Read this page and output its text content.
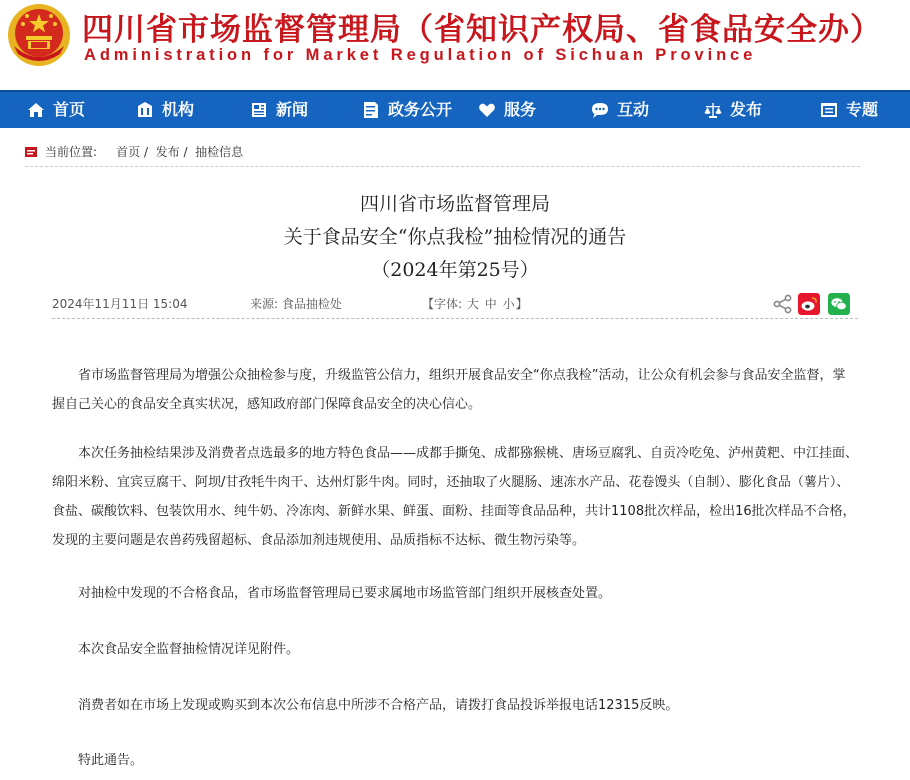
四川省市场监督管理局（省知识产权局、省食品安全办）
Administration for Market Regulation of Sichuan Province
首页	机构	新闻	政务公开	服务	互动	发布	专题
当前位置: 首页 /  发布 /  抽检信息
四川省市场监督管理局
关于食品安全“你点我检”抽检情况的通告
（2024年第25号）
2024年11月11日 15:04	来源: 食品抽检处	【字体: 大 中 小】
省市场监督管理局为增强公众抽检参与度，升级监管公信力，组织开展食品安全“你点我检”活动，让公众有机会参与食品安全监督，掌握自己关心的食品安全真实状况，感知政府部门保障食品安全的决心信心。
本次任务抽检结果涉及消费者点选最多的地方特色食品——成都手撕兔、成都猕猴桃、唐场豆腐乳、自贡冷吃兔、泸州黄粑、中江挂面、绵阳米粉、宜宾豆腐干、阿坝/甘孜牦牛肉干、达州灯影牛肉。同时，还抽取了火腿肠、速冻水产品、花卷馒头（自制）、膨化食品（薯片）、食盐、碳酸饮料、包装饮用水、纯牛奶、冷冻肉、新鲜水果、鲜蛋、面粉、挂面等食品品种，共计1108批次样品，检出16批次样品不合格，发现的主要问题是农兽药残留超标、食品添加剂违规使用、品质指标不达标、微生物污染等。
对抽检中发现的不合格食品，省市场监督管理局已要求属地市场监管部门组织开展核查处置。
本次食品安全监督抽检情况详见附件。
消费者如在市场上发现或购买到本次公布信息中所涉不合格产品，请拨打食品投诉举报电话12315反映。
特此通告。
